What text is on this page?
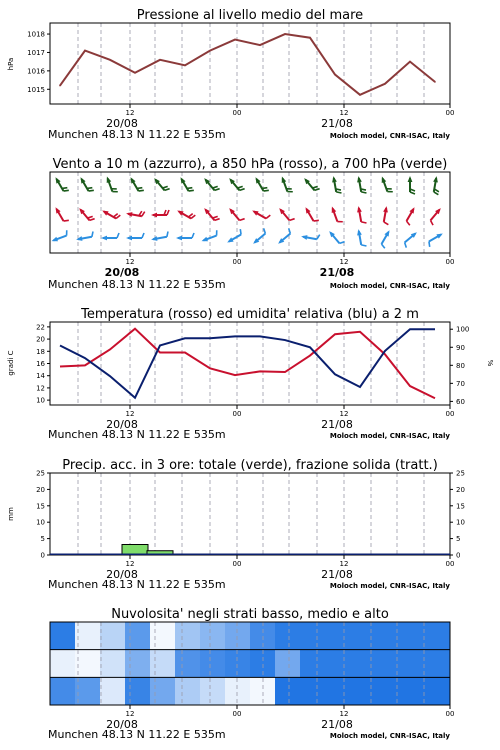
Pressione al livello medio del mare
1015
1016
1017
1018
hPa
12	00	12	00
20/08	21/08
Munchen 48.13 N 11.22 E 535m	Moloch model, CNR-ISAC, Italy
Vento a 10 m (azzurro), a 850 hPa (rosso), a 700 hPa (verde)
12	00	12	00
20/08	21/08
Munchen 48.13 N 11.22 E 535m	Moloch model, CNR-ISAC, Italy
Temperatura (rosso) ed umidita' relativa (blu) a 2 m
10
12
14
16
18
20
22
60
70
80
90
100
gradi C	%
12	00	12	00
20/08	21/08
Munchen 48.13 N 11.22 E 535m	Moloch model, CNR-ISAC, Italy
Precip. acc. in 3 ore: totale (verde), frazione solida (tratt.)
0	0
5	5
10	10
15	15
20	20
25	25
mm
12	00	12	00
20/08	21/08
Munchen 48.13 N 11.22 E 535m	Moloch model, CNR-ISAC, Italy
Nuvolosita' negli strati basso, medio e alto
12	00	12	00
20/08	21/08
Munchen 48.13 N 11.22 E 535m	Moloch model, CNR-ISAC, Italy
